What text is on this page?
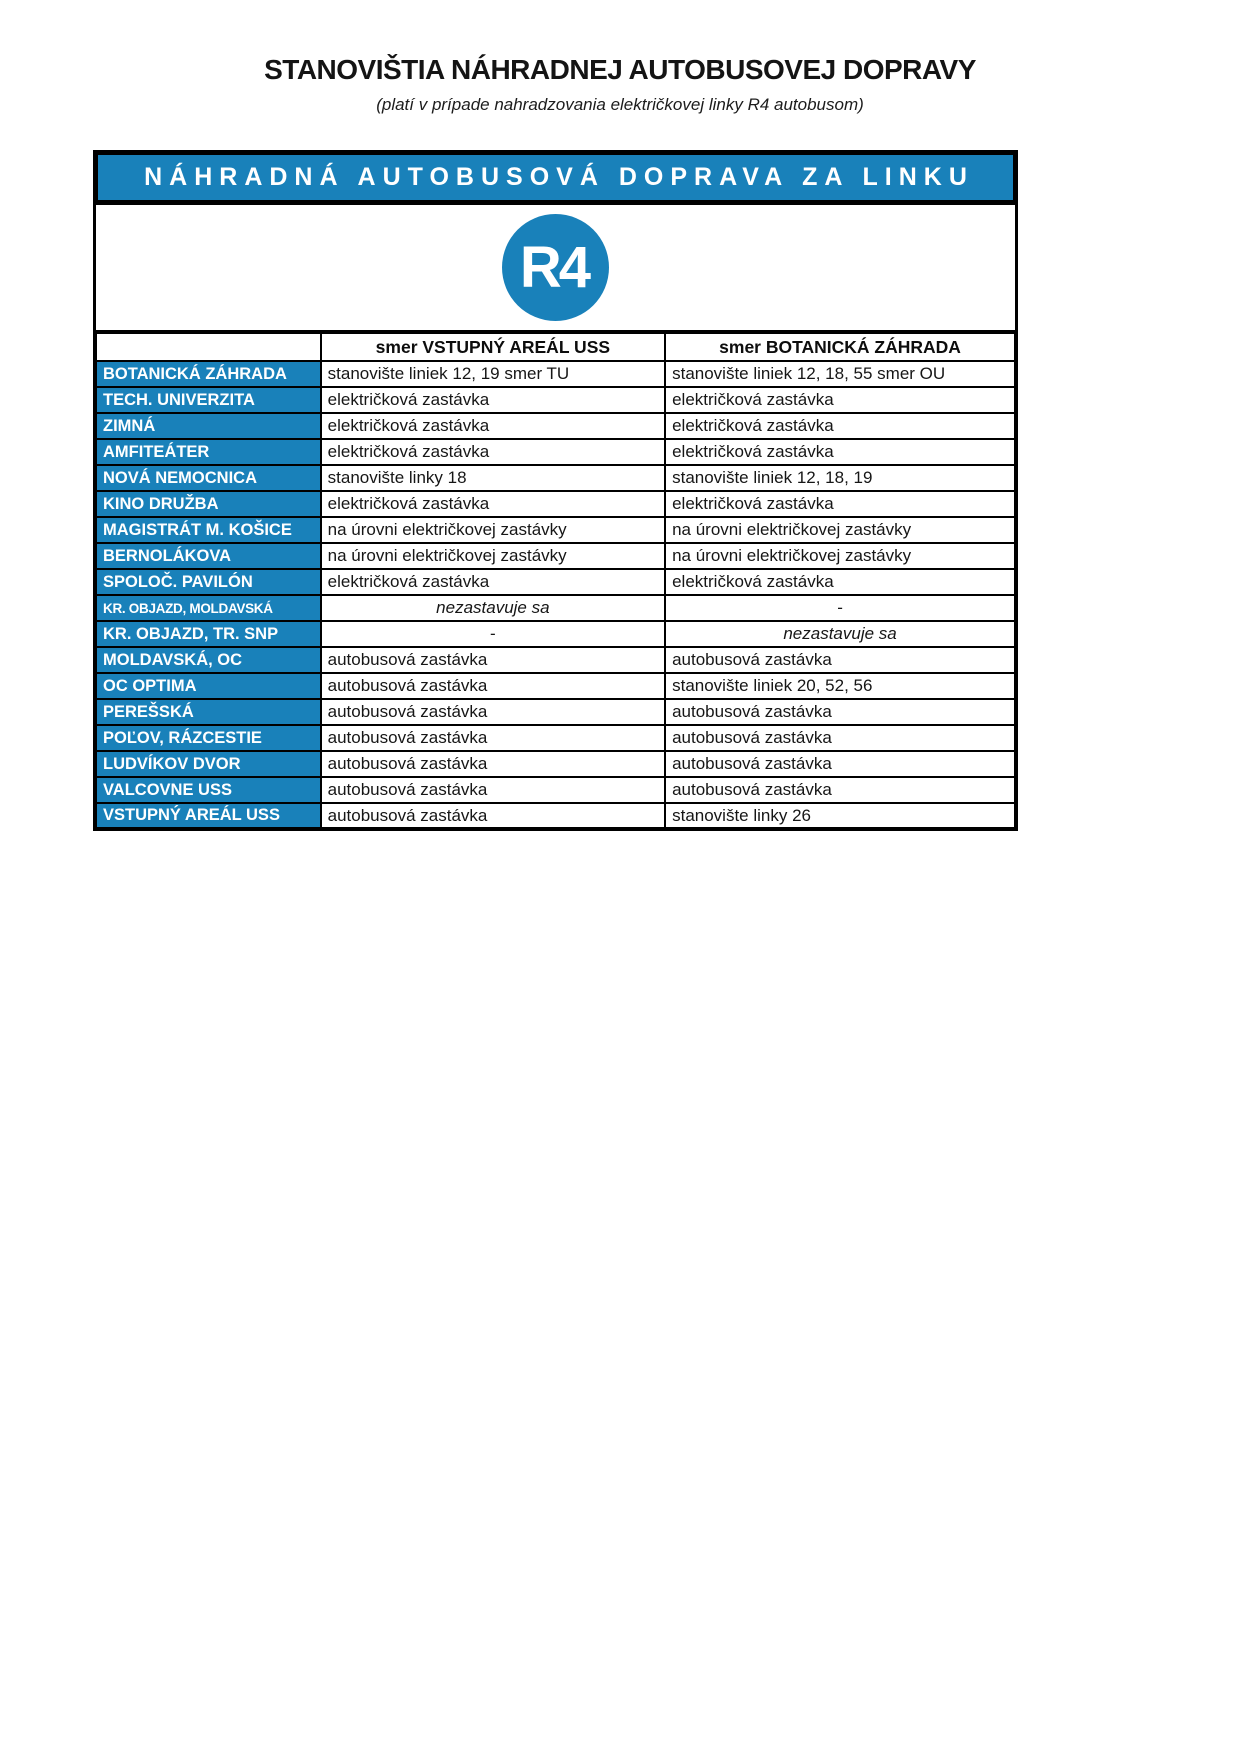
STANOVIŠTIA NÁHRADNEJ AUTOBUSOVEJ DOPRAVY

(platí v prípade nahradzovania električkovej linky R4 autobusom)

NÁHRADNÁ AUTOBUSOVÁ DOPRAVA ZA LINKU
R4
	smer VSTUPNÝ AREÁL USS	smer BOTANICKÁ ZÁHRADA
BOTANICKÁ ZÁHRADA	stanovište liniek 12, 19 smer TU	stanovište liniek 12, 18, 55 smer OU
TECH. UNIVERZITA	električková zastávka	električková zastávka
ZIMNÁ	električková zastávka	električková zastávka
AMFITEÁTER	električková zastávka	električková zastávka
NOVÁ NEMOCNICA	stanovište linky 18	stanovište liniek 12, 18, 19
KINO DRUŽBA	električková zastávka	električková zastávka
MAGISTRÁT M. KOŠICE	na úrovni električkovej zastávky	na úrovni električkovej zastávky
BERNOLÁKOVA	na úrovni električkovej zastávky	na úrovni električkovej zastávky
SPOLOČ. PAVILÓN	električková zastávka	električková zastávka
KR. OBJAZD, MOLDAVSKÁ	nezastavuje sa	-
KR. OBJAZD, TR. SNP	-	nezastavuje sa
MOLDAVSKÁ, OC	autobusová zastávka	autobusová zastávka
OC OPTIMA	autobusová zastávka	stanovište liniek 20, 52, 56
PEREŠSKÁ	autobusová zastávka	autobusová zastávka
POĽOV, RÁZCESTIE	autobusová zastávka	autobusová zastávka
LUDVÍKOV DVOR	autobusová zastávka	autobusová zastávka
VALCOVNE USS	autobusová zastávka	autobusová zastávka
VSTUPNÝ AREÁL USS	autobusová zastávka	stanovište linky 26
